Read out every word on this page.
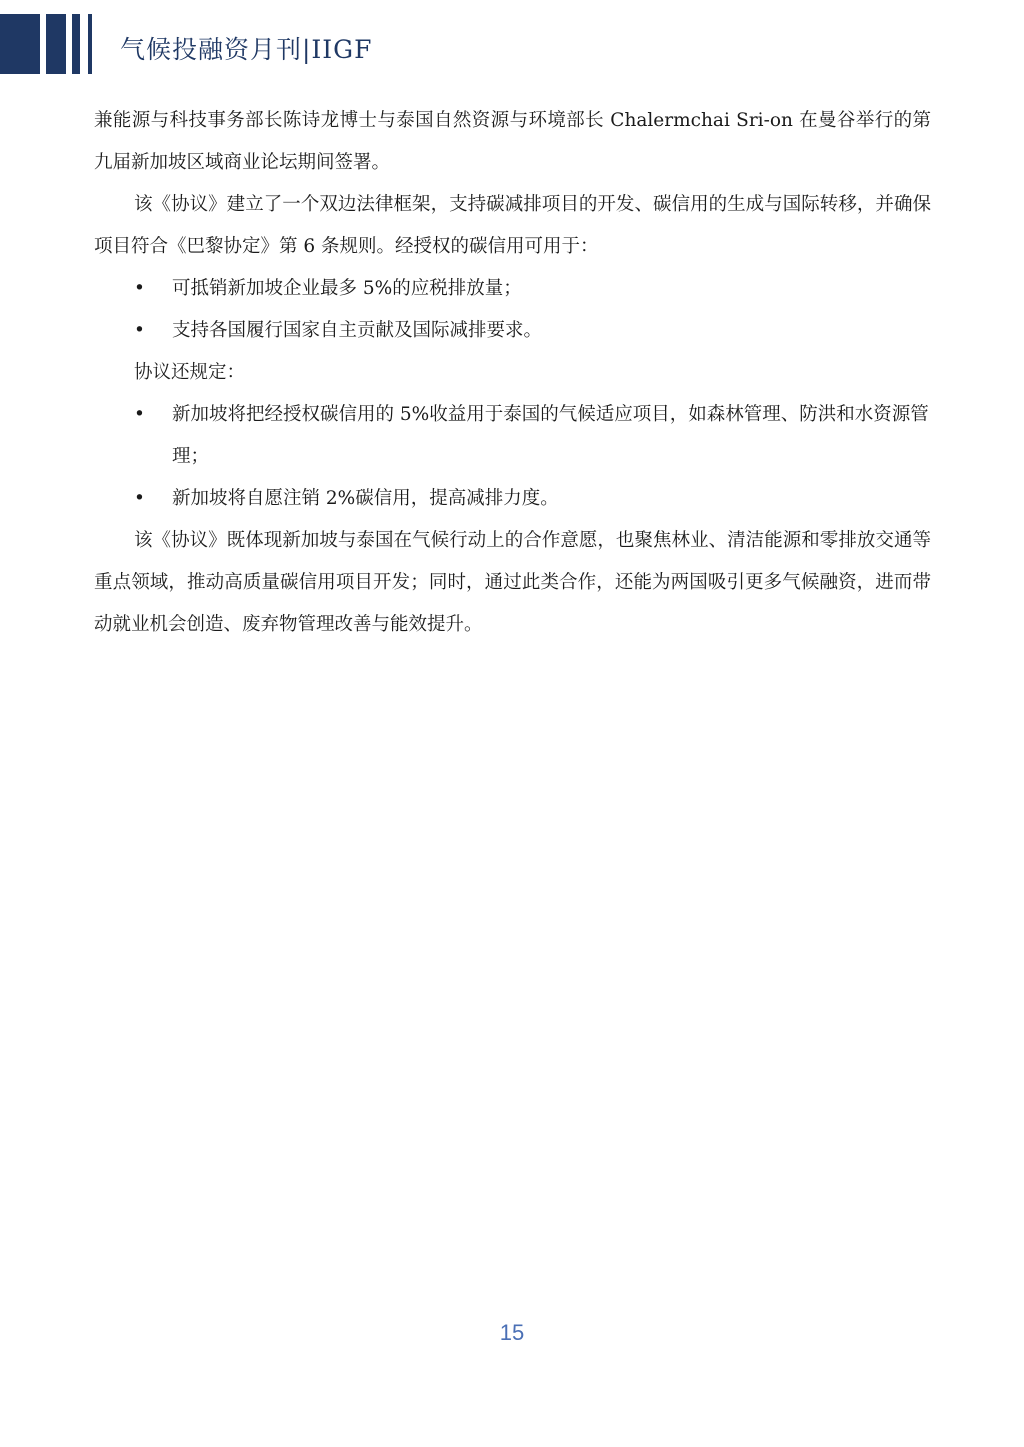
气候投融资月刊|IIGF

兼能源与科技事务部长陈诗龙博士与泰国自然资源与环境部长 Chalermchai Sri-on 在曼谷举行的第九届新加坡区域商业论坛期间签署。

该《协议》建立了一个双边法律框架，支持碳减排项目的开发、碳信用的生成与国际转移，并确保项目符合《巴黎协定》第 6 条规则。经授权的碳信用可用于：

• 可抵销新加坡企业最多 5%的应税排放量；
• 支持各国履行国家自主贡献及国际减排要求。

协议还规定：

• 新加坡将把经授权碳信用的 5%收益用于泰国的气候适应项目，如森林管理、防洪和水资源管理；
• 新加坡将自愿注销 2%碳信用，提高减排力度。

该《协议》既体现新加坡与泰国在气候行动上的合作意愿，也聚焦林业、清洁能源和零排放交通等重点领域，推动高质量碳信用项目开发；同时，通过此类合作，还能为两国吸引更多气候融资，进而带动就业机会创造、废弃物管理改善与能效提升。

15
